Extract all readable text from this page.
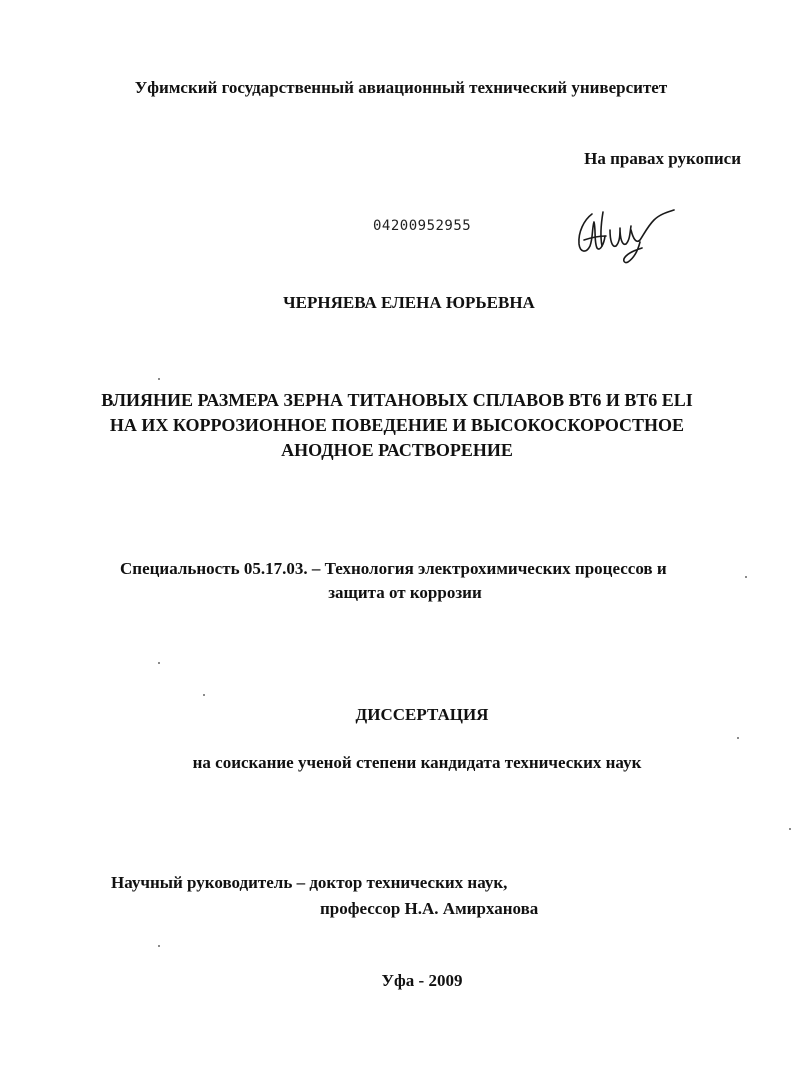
Уфимский государственный авиационный технический университет

На правах рукописи

04200952955

ЧЕРНЯЕВА ЕЛЕНА ЮРЬЕВНА

ВЛИЯНИЕ РАЗМЕРА ЗЕРНА ТИТАНОВЫХ СПЛАВОВ ВТ6 И ВТ6 ELI
НА ИХ КОРРОЗИОННОЕ ПОВЕДЕНИЕ И ВЫСОКОСКОРОСТНОЕ
АНОДНОЕ РАСТВОРЕНИЕ

Специальность 05.17.03. – Технология электрохимических процессов и

защита от коррозии

ДИССЕРТАЦИЯ

на соискание ученой степени кандидата технических наук

Научный руководитель – доктор технических наук,

профессор Н.А. Амирханова

Уфа - 2009
